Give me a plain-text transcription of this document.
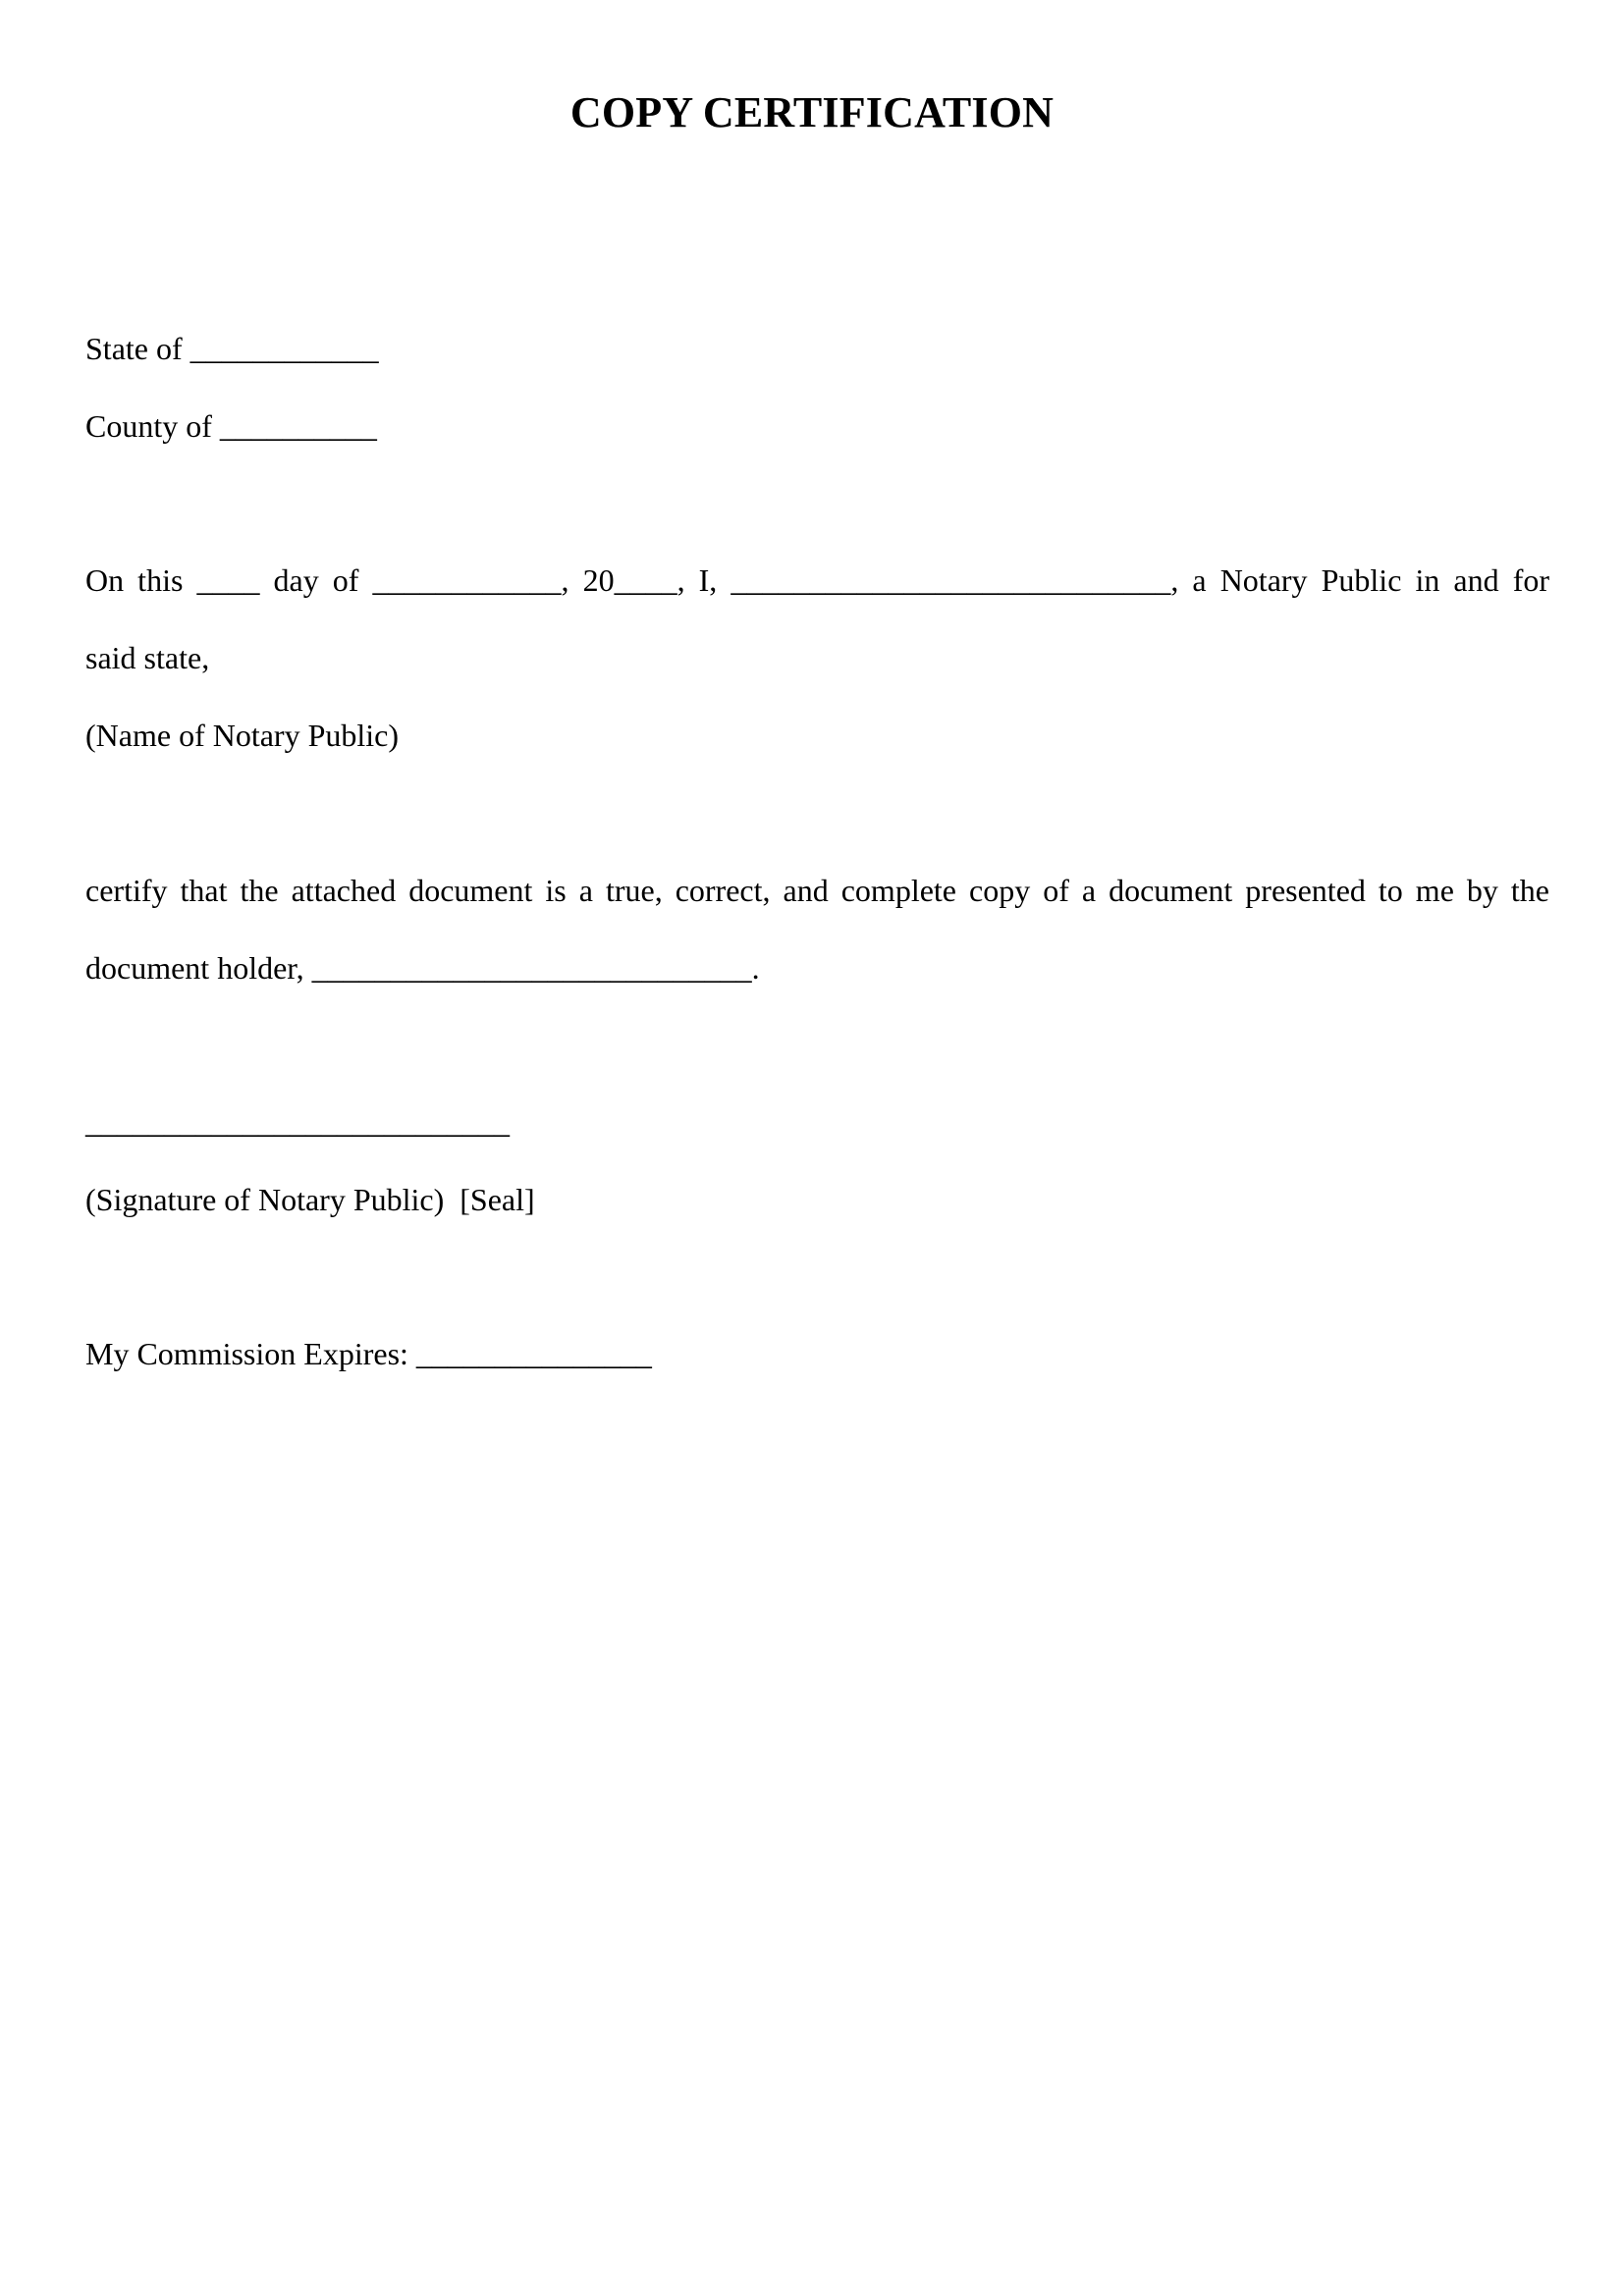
COPY CERTIFICATION
State of ____________
County of __________
On this ____ day of ____________, 20____, I, ____________________________, a Notary Public in and for
said state,
(Name of Notary Public)
certify that the attached document is a true, correct, and complete copy of a document presented to me by the
document holder, ____________________________.
___________________________
(Signature of Notary Public)  [Seal]
My Commission Expires: _______________
